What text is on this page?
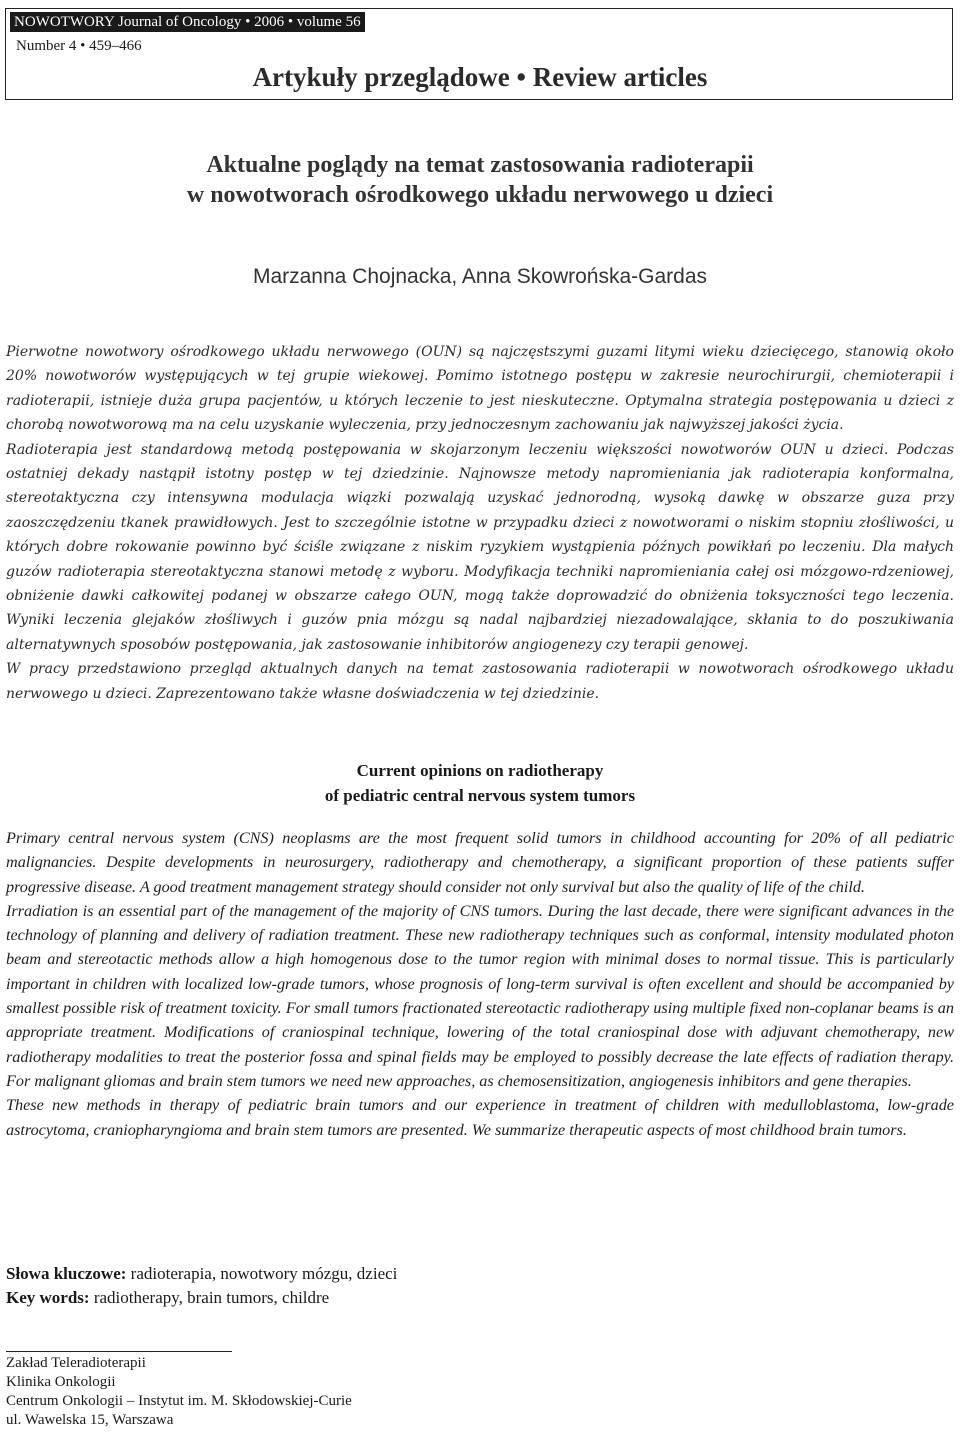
NOWOTWORY Journal of Oncology • 2006 • volume 56
Number 4 • 459–466
Artykuły przeglądowe • Review articles
Aktualne poglądy na temat zastosowania radioterapii
w nowotworach ośrodkowego układu nerwowego u dzieci
Marzanna Chojnacka, Anna Skowrońska-Gardas

Pierwotne nowotwory ośrodkowego układu nerwowego (OUN) są najczęstszymi guzami litymi wieku dziecięcego, stanowią około 20% nowotworów występujących w tej grupie wiekowej. Pomimo istotnego postępu w zakresie neurochirurgii, chemioterapii i radioterapii, istnieje duża grupa pacjentów, u których leczenie to jest nieskuteczne. Optymalna strategia postępowania u dzieci z chorobą nowotworową ma na celu uzyskanie wyleczenia, przy jednoczesnym zachowaniu jak najwyższej jakości życia.

Radioterapia jest standardową metodą postępowania w skojarzonym leczeniu większości nowotworów OUN u dzieci. Podczas ostatniej dekady nastąpił istotny postęp w tej dziedzinie. Najnowsze metody napromieniania jak radioterapia konformalna, stereotaktyczna czy intensywna modulacja wiązki pozwalają uzyskać jednorodną, wysoką dawkę w obszarze guza przy zaoszczędzeniu tkanek prawidłowych. Jest to szczególnie istotne w przypadku dzieci z nowotworami o niskim stopniu złośliwości, u których dobre rokowanie powinno być ściśle związane z niskim ryzykiem wystąpienia późnych powikłań po leczeniu. Dla małych guzów radioterapia stereotaktyczna stanowi metodę z wyboru. Modyfikacja techniki napromieniania całej osi mózgowo-rdzeniowej, obniżenie dawki całkowitej podanej w obszarze całego OUN, mogą także doprowadzić do obniżenia toksyczności tego leczenia. Wyniki leczenia glejaków złośliwych i guzów pnia mózgu są nadal najbardziej niezadowalające, skłania to do poszukiwania alternatywnych sposobów postępowania, jak zastosowanie inhibitorów angiogenezy czy terapii genowej.

W pracy przedstawiono przegląd aktualnych danych na temat zastosowania radioterapii w nowotworach ośrodkowego układu nerwowego u dzieci. Zaprezentowano także własne doświadczenia w tej dziedzinie.

Current opinions on radiotherapy
of pediatric central nervous system tumors

Primary central nervous system (CNS) neoplasms are the most frequent solid tumors in childhood accounting for 20% of all pediatric malignancies. Despite developments in neurosurgery, radiotherapy and chemotherapy, a significant proportion of these patients suffer progressive disease. A good treatment management strategy should consider not only survival but also the quality of life of the child.

Irradiation is an essential part of the management of the majority of CNS tumors. During the last decade, there were significant advances in the technology of planning and delivery of radiation treatment. These new radiotherapy techniques such as conformal, intensity modulated photon beam and stereotactic methods allow a high homogenous dose to the tumor region with minimal doses to normal tissue. This is particularly important in children with localized low-grade tumors, whose prognosis of long-term survival is often excellent and should be accompanied by smallest possible risk of treatment toxicity. For small tumors fractionated stereotactic radiotherapy using multiple fixed non-coplanar beams is an appropriate treatment. Modifications of craniospinal technique, lowering of the total craniospinal dose with adjuvant chemotherapy, new radiotherapy modalities to treat the posterior fossa and spinal fields may be employed to possibly decrease the late effects of radiation therapy. For malignant gliomas and brain stem tumors we need new approaches, as chemosensitization, angiogenesis inhibitors and gene therapies.

These new methods in therapy of pediatric brain tumors and our experience in treatment of children with medulloblastoma, low-grade astrocytoma, craniopharyngioma and brain stem tumors are presented. We summarize therapeutic aspects of most childhood brain tumors.

Słowa kluczowe: radioterapia, nowotwory mózgu, dzieci
Key words: radiotherapy, brain tumors, childre
Zakład Teleradioterapii
Klinika Onkologii
Centrum Onkologii – Instytut im. M. Skłodowskiej-Curie
ul. Wawelska 15, Warszawa
